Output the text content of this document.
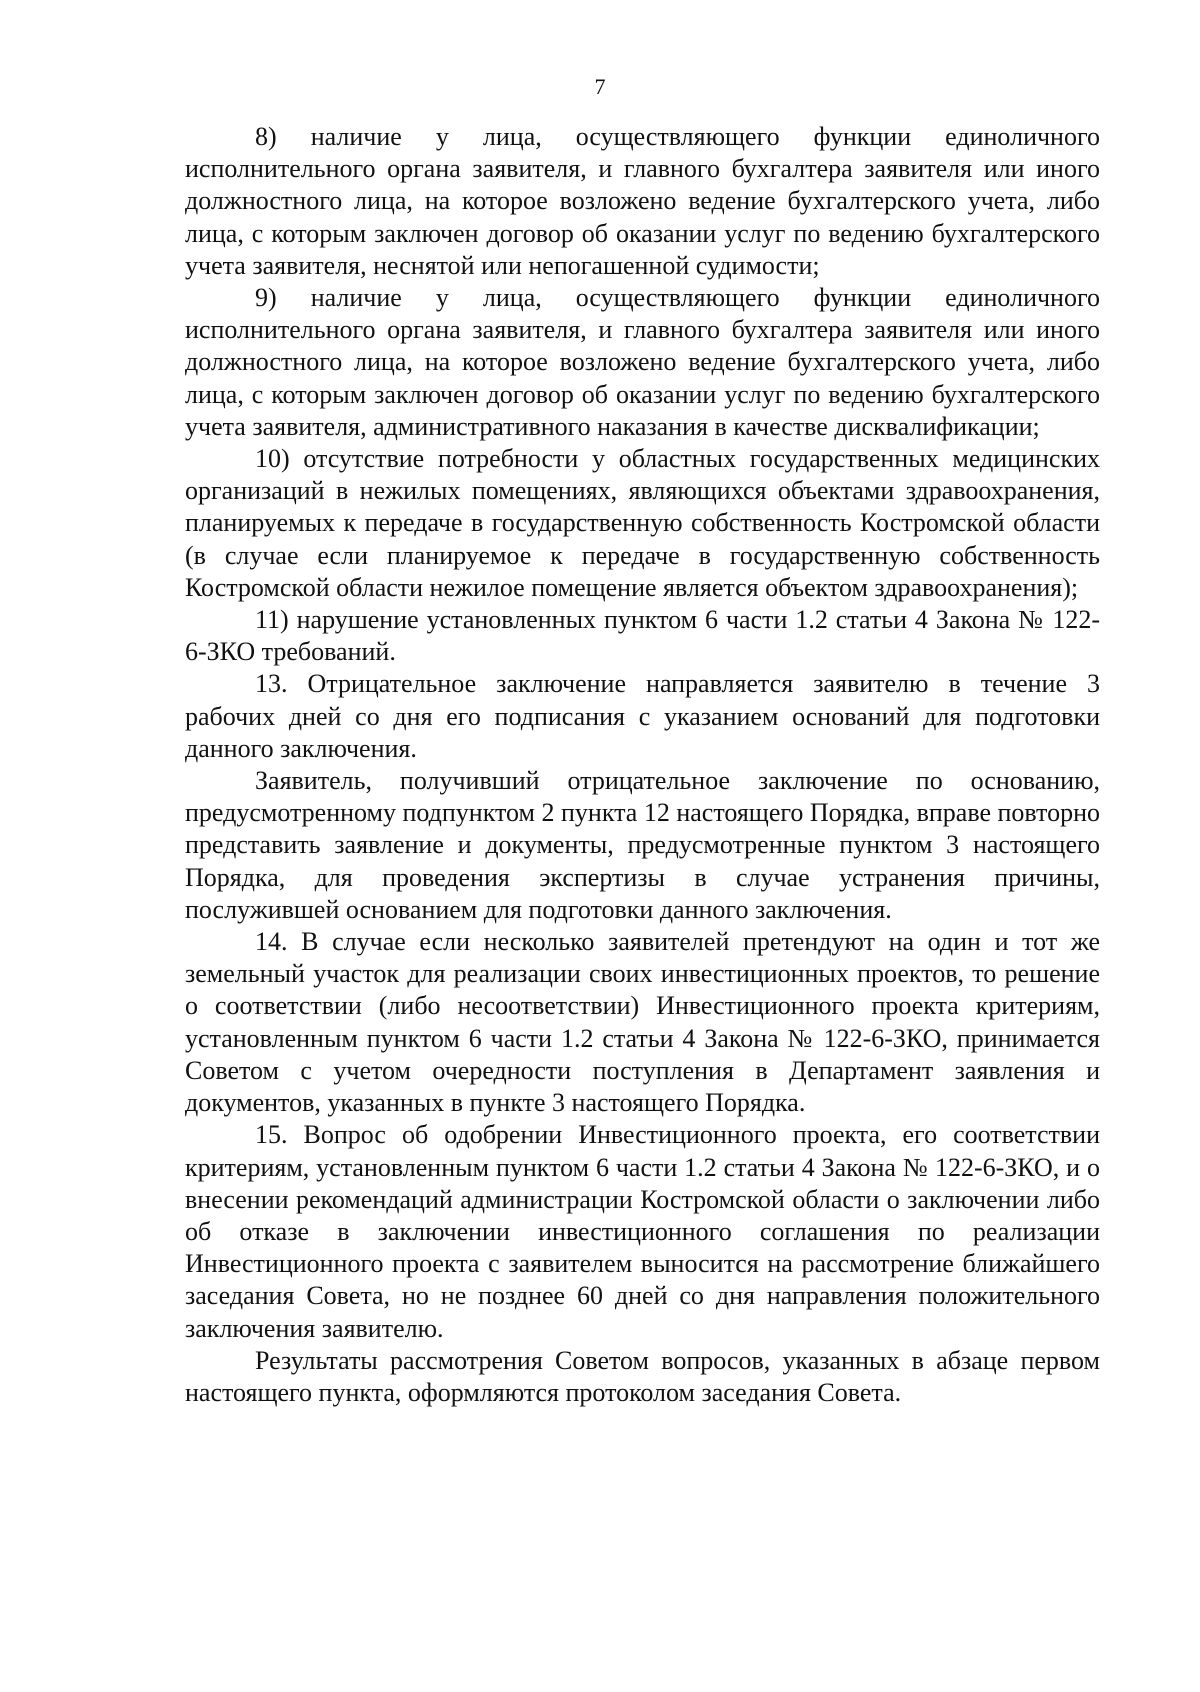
7

8) наличие у лица, осуществляющего функции единоличного исполнительного органа заявителя, и главного бухгалтера заявителя или иного должностного лица, на которое возложено ведение бухгалтерского учета, либо лица, с которым заключен договор об оказании услуг по ведению бухгалтерского учета заявителя, неснятой или непогашенной судимости;

9) наличие у лица, осуществляющего функции единоличного исполнительного органа заявителя, и главного бухгалтера заявителя или иного должностного лица, на которое возложено ведение бухгалтерского учета, либо лица, с которым заключен договор об оказании услуг по ведению бухгалтерского учета заявителя, административного наказания в качестве дисквалификации;

10) отсутствие потребности у областных государственных медицинских организаций в нежилых помещениях, являющихся объектами здравоохранения, планируемых к передаче в государственную собственность Костромской области (в случае если планируемое к передаче в государственную собственность Костромской области нежилое помещение является объектом здравоохранения);

11) нарушение установленных пунктом 6 части 1.2 статьи 4 Закона № 122-6-ЗКО требований.

13. Отрицательное заключение направляется заявителю в течение 3 рабочих дней со дня его подписания с указанием оснований для подготовки данного заключения.

Заявитель, получивший отрицательное заключение по основанию, предусмотренному подпунктом 2 пункта 12 настоящего Порядка, вправе повторно представить заявление и документы, предусмотренные пунктом 3 настоящего Порядка, для проведения экспертизы в случае устранения причины, послужившей основанием для подготовки данного заключения.

14. В случае если несколько заявителей претендуют на один и тот же земельный участок для реализации своих инвестиционных проектов, то решение о соответствии (либо несоответствии) Инвестиционного проекта критериям, установленным пунктом 6 части 1.2 статьи 4 Закона № 122-6-ЗКО, принимается Советом с учетом очередности поступления в Департамент заявления и документов, указанных в пункте 3 настоящего Порядка.

15. Вопрос об одобрении Инвестиционного проекта, его соответствии критериям, установленным пунктом 6 части 1.2 статьи 4 Закона № 122-6-ЗКО, и о внесении рекомендаций администрации Костромской области о заключении либо об отказе в заключении инвестиционного соглашения по реализации Инвестиционного проекта с заявителем выносится на рассмотрение ближайшего заседания Совета, но не позднее 60 дней со дня направления положительного заключения заявителю.

Результаты рассмотрения Советом вопросов, указанных в абзаце первом настоящего пункта, оформляются протоколом заседания Совета.
